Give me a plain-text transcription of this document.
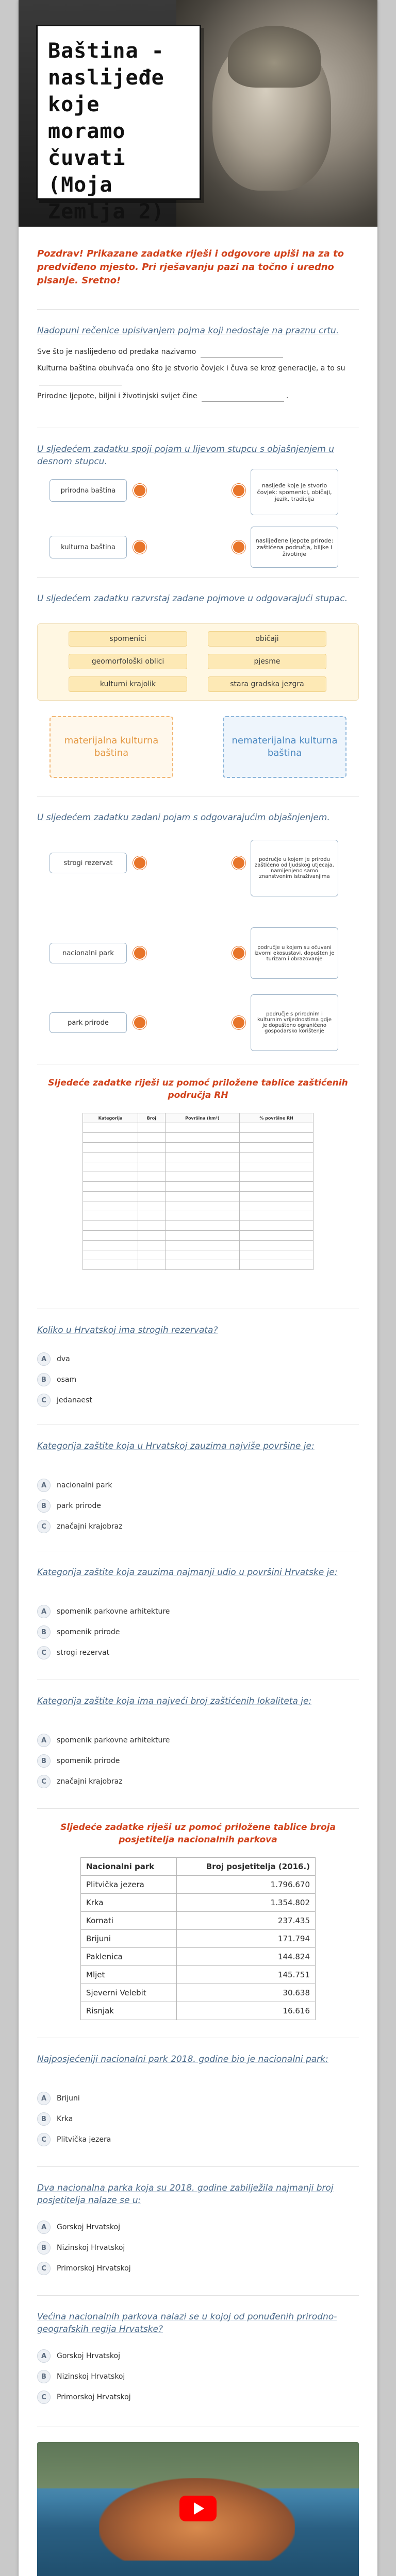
Baština -
naslijeđe koje
moramo
čuvati (Moja
Zemlja 2)
Pozdrav! Prikazane zadatke riješi i odgovore upiši na za to predviđeno mjesto. Pri rješavanju pazi na točno i uredno pisanje. Sretno!
Nadopuni rečenice upisivanjem pojma koji nedostaje na praznu crtu.
Sve što je naslijeđeno od predaka nazivamo
Kulturna baština obuhvaća ono što je stvorio čovjek i čuva se kroz generacije, a to su
Prirodne ljepote, biljni i životinjski svijet čine	.
U sljedećem zadatku spoji pojam u lijevom stupcu s objašnjenjem u desnom stupcu.
prirodna baština
nasljeđe koje je stvorio čovjek: spomenici, običaji, jezik, tradicija
kulturna baština
naslijeđene ljepote prirode: zaštićena područja, biljke i životinje
U sljedećem zadatku razvrstaj zadane pojmove u odgovarajući stupac.
spomenici	običaji
geomorfološki oblici	pjesme
kulturni krajolik	stara gradska jezgra
materijalna kulturna baština
nematerijalna kulturna baština
U sljedećem zadatku zadani pojam s odgovarajućim objašnjenjem.
strogi rezervat	područje u kojem je prirodu zaštićeno od ljudskog utjecaja, namijenjeno samo znanstvenim istraživanjima
nacionalni park
područje u kojem su očuvani izvorni ekosustavi, dopušten je turizam i obrazovanje
park prirode
područje s prirodnim i kulturnim vrijednostima gdje je dopušteno ograničeno gospodarsko korištenje
Sljedeće zadatke riješi uz pomoć priložene tablice zaštićenih područja RH
Kategorija	Broj	Površina (km²)	% površine RH

Koliko u Hrvatskoj ima strogih rezervata?
A	dva
B	osam
C	jedanaest
Kategorija zaštite koja u Hrvatskoj zauzima najviše površine je:
A	nacionalni park
B	park prirode
C	značajni krajobraz
Kategorija zaštite koja zauzima najmanji udio u površini Hrvatske je:
A	spomenik parkovne arhitekture
B	spomenik prirode
C	strogi rezervat
Kategorija zaštite koja ima najveći broj zaštićenih lokaliteta je:
A	spomenik parkovne arhitekture
B	spomenik prirode
C	značajni krajobraz
Sljedeće zadatke riješi uz pomoć priložene tablice broja posjetitelja nacionalnih parkova
Nacionalni park	Broj posjetitelja (2016.)
Plitvička jezera	1.796.670
Krka	1.354.802
Kornati	237.435
Brijuni	171.794
Paklenica	144.824
Mljet	145.751
Sjeverni Velebit	30.638
Risnjak	16.616
Najposjećeniji nacionalni park 2018. godine bio je nacionalni park:
A	Brijuni
B	Krka
C	Plitvička jezera
Dva nacionalna parka koja su 2018. godine zabilježila najmanji broj posjetitelja nalaze se u:
A	Gorskoj Hrvatskoj
B	Nizinskoj Hrvatskoj
C	Primorskoj Hrvatskoj
Većina nacionalnih parkova nalazi se u kojoj od ponuđenih prirodno-geografskih regija Hrvatske?
A	Gorskoj Hrvatskoj
B	Nizinskoj Hrvatskoj
C	Primorskoj Hrvatskoj
